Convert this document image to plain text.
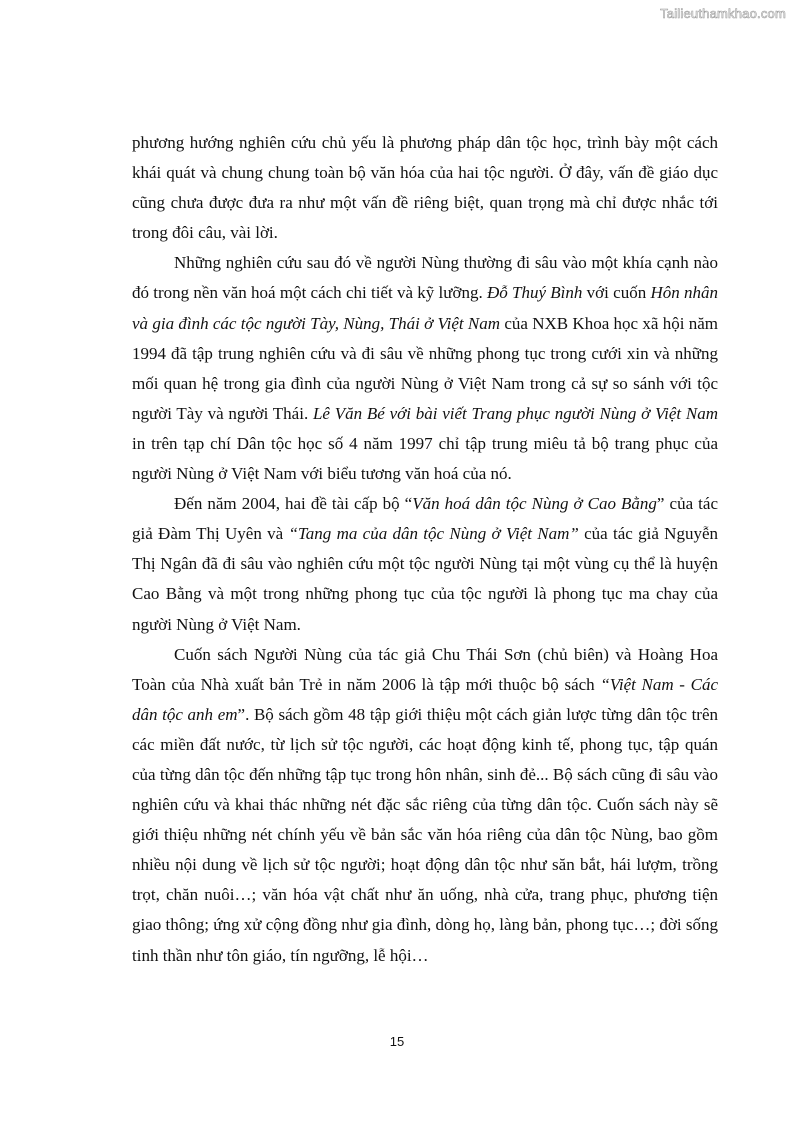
Tailieuthamkhao.com

phương hướng nghiên cứu chủ yếu là phương pháp dân tộc học, trình bày một cách khái quát và chung chung toàn bộ văn hóa của hai tộc người. Ở đây, vấn đề giáo dục cũng chưa được đưa ra như một vấn đề riêng biệt, quan trọng mà chỉ được nhắc tới trong đôi câu, vài lời.

Những nghiên cứu sau đó về người Nùng thường đi sâu vào một khía cạnh nào đó trong nền văn hoá một cách chi tiết và kỹ lưỡng. Đỗ Thuý Bình với cuốn Hôn nhân và gia đình các tộc người Tày, Nùng, Thái ở Việt Nam của NXB Khoa học xã hội năm 1994 đã tập trung nghiên cứu và đi sâu về những phong tục trong cưới xin và những mối quan hệ trong gia đình của người Nùng ở Việt Nam trong cả sự so sánh với tộc người Tày và người Thái. Lê Văn Bé với bài viết Trang phục người Nùng ở Việt Nam in trên tạp chí Dân tộc học số 4 năm 1997 chỉ tập trung miêu tả bộ trang phục của người Nùng ở Việt Nam với biểu tương văn hoá của nó.

Đến năm 2004, hai đề tài cấp bộ “Văn hoá dân tộc Nùng ở Cao Bằng” của tác giả Đàm Thị Uyên và “Tang ma của dân tộc Nùng ở Việt Nam” của tác giả Nguyễn Thị Ngân đã đi sâu vào nghiên cứu một tộc người Nùng tại một vùng cụ thể là huyện Cao Bằng và một trong những phong tục của tộc người là phong tục ma chay của người Nùng ở Việt Nam.

Cuốn sách Người Nùng của tác giả Chu Thái Sơn (chủ biên) và Hoàng Hoa Toàn của Nhà xuất bản Trẻ in năm 2006 là tập mới thuộc bộ sách “Việt Nam - Các dân tộc anh em”. Bộ sách gồm 48 tập giới thiệu một cách giản lược từng dân tộc trên các miền đất nước, từ lịch sử tộc người, các hoạt động kinh tế, phong tục, tập quán của từng dân tộc đến những tập tục trong hôn nhân, sinh đẻ... Bộ sách cũng đi sâu vào nghiên cứu và khai thác những nét đặc sắc riêng của từng dân tộc. Cuốn sách này sẽ giới thiệu những nét chính yếu về bản sắc văn hóa riêng của dân tộc Nùng, bao gồm nhiều nội dung về lịch sử tộc người; hoạt động dân tộc như săn bắt, hái lượm, trồng trọt, chăn nuôi…; văn hóa vật chất như ăn uống, nhà cửa, trang phục, phương tiện giao thông; ứng xử cộng đồng như gia đình, dòng họ, làng bản, phong tục…; đời sống tinh thần như tôn giáo, tín ngưỡng, lễ hội…

15
